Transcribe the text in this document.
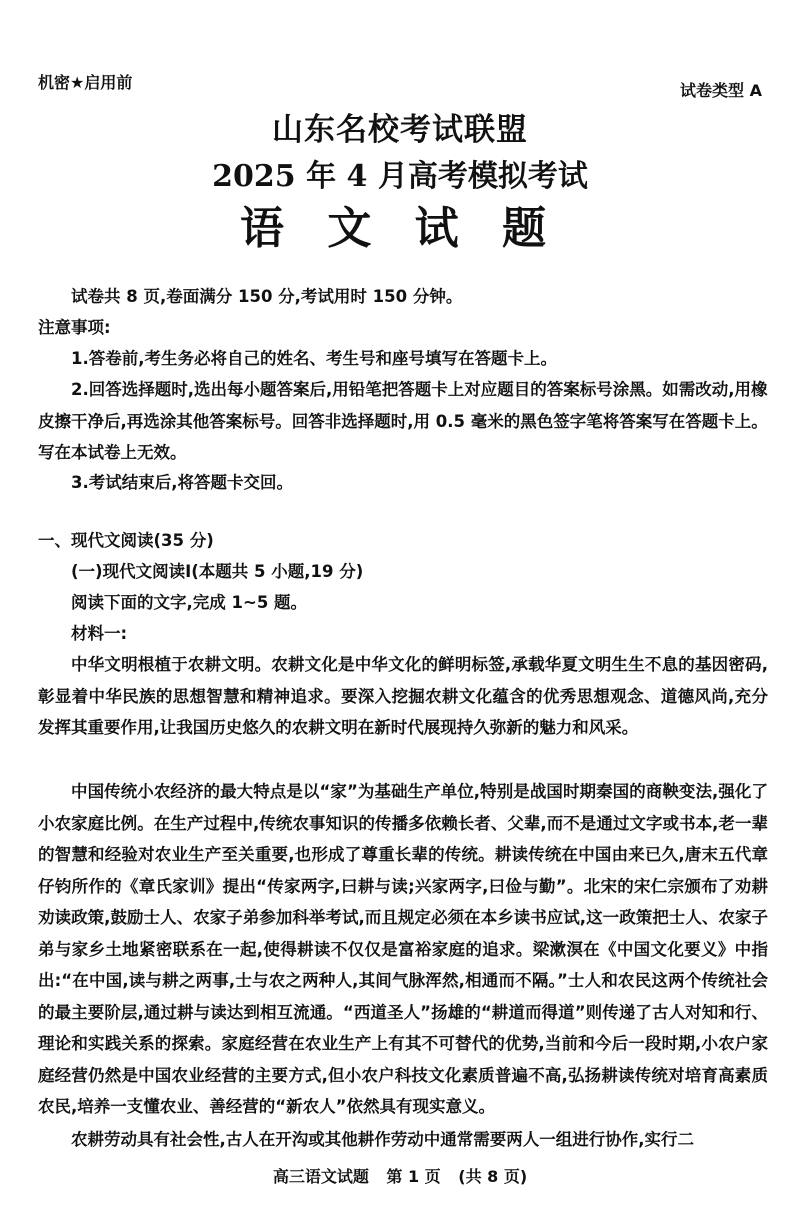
机密★启用前	试卷类型 A
山东名校考试联盟
2025 年 4 月高考模拟考试
语 文 试 题
试卷共 8 页,卷面满分 150 分,考试用时 150 分钟。
注意事项:
1.答卷前,考生务必将自己的姓名、考生号和座号填写在答题卡上。
2.回答选择题时,选出每小题答案后,用铅笔把答题卡上对应题目的答案标号涂黑。如需改动,用橡皮擦干净后,再选涂其他答案标号。回答非选择题时,用 0.5 毫米的黑色签字笔将答案写在答题卡上。写在本试卷上无效。
3.考试结束后,将答题卡交回。
一、现代文阅读(35 分)
(一)现代文阅读Ⅰ(本题共 5 小题,19 分)
阅读下面的文字,完成 1~5 题。
材料一:
中华文明根植于农耕文明。农耕文化是中华文化的鲜明标签,承载华夏文明生生不息的基因密码,彰显着中华民族的思想智慧和精神追求。要深入挖掘农耕文化蕴含的优秀思想观念、道德风尚,充分发挥其重要作用,让我国历史悠久的农耕文明在新时代展现持久弥新的魅力和风采。
中国传统小农经济的最大特点是以“家”为基础生产单位,特别是战国时期秦国的商鞅变法,强化了小农家庭比例。在生产过程中,传统农事知识的传播多依赖长者、父辈,而不是通过文字或书本,老一辈的智慧和经验对农业生产至关重要,也形成了尊重长辈的传统。耕读传统在中国由来已久,唐末五代章仔钧所作的《章氏家训》提出“传家两字,曰耕与读;兴家两字,曰俭与勤”。北宋的宋仁宗颁布了劝耕劝读政策,鼓励士人、农家子弟参加科举考试,而且规定必须在本乡读书应试,这一政策把士人、农家子弟与家乡土地紧密联系在一起,使得耕读不仅仅是富裕家庭的追求。梁漱溟在《中国文化要义》中指出:“在中国,读与耕之两事,士与农之两种人,其间气脉浑然,相通而不隔。”士人和农民这两个传统社会的最主要阶层,通过耕与读达到相互流通。“西道圣人”扬雄的“耕道而得道”则传递了古人对知和行、理论和实践关系的探索。家庭经营在农业生产上有其不可替代的优势,当前和今后一段时期,小农户家庭经营仍然是中国农业经营的主要方式,但小农户科技文化素质普遍不高,弘扬耕读传统对培育高素质农民,培养一支懂农业、善经营的“新农人”依然具有现实意义。
农耕劳动具有社会性,古人在开沟或其他耕作劳动中通常需要两人一组进行协作,实行二
高三语文试题 第 1 页 (共 8 页)
